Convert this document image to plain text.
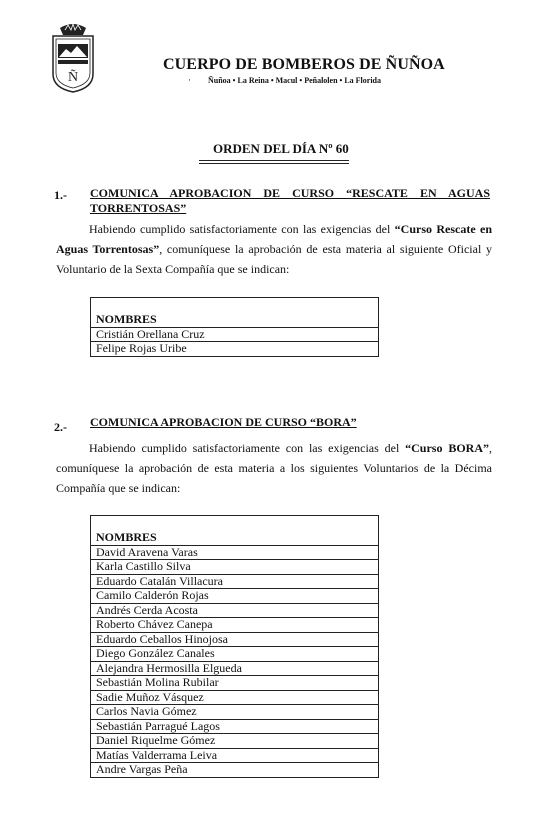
Ñ
CUERPO DE BOMBEROS DE ÑUÑOA
· Ñuñoa • La Reina • Macul • Peñalolen • La Florida
ORDEN DEL DÍA Nº 60
1.- COMUNICA APROBACION DE CURSO “RESCATE EN AGUAS
TORRENTOSAS”
Habiendo cumplido satisfactoriamente con las exigencias del “Curso Rescate en Aguas Torrentosas”, comuníquese la aprobación de esta materia al siguiente Oficial y Voluntario de la Sexta Compañía que se indican:
NOMBRES
Cristián Orellana Cruz
Felipe Rojas Uribe
2.- COMUNICA APROBACION DE CURSO “BORA”
Habiendo cumplido satisfactoriamente con las exigencias del “Curso BORA”, comuníquese la aprobación de esta materia a los siguientes Voluntarios de la Décima Compañía que se indican:
NOMBRES
David Aravena Varas
Karla Castillo Silva
Eduardo Catalán Villacura
Camilo Calderón Rojas
Andrés Cerda Acosta
Roberto Chávez Canepa
Eduardo Ceballos Hinojosa
Diego González Canales
Alejandra Hermosilla Elgueda
Sebastián Molina Rubilar
Sadie Muñoz Vásquez
Carlos Navia Gómez
Sebastián Parragué Lagos
Daniel Riquelme Gómez
Matías Valderrama Leiva
Andre Vargas Peña
